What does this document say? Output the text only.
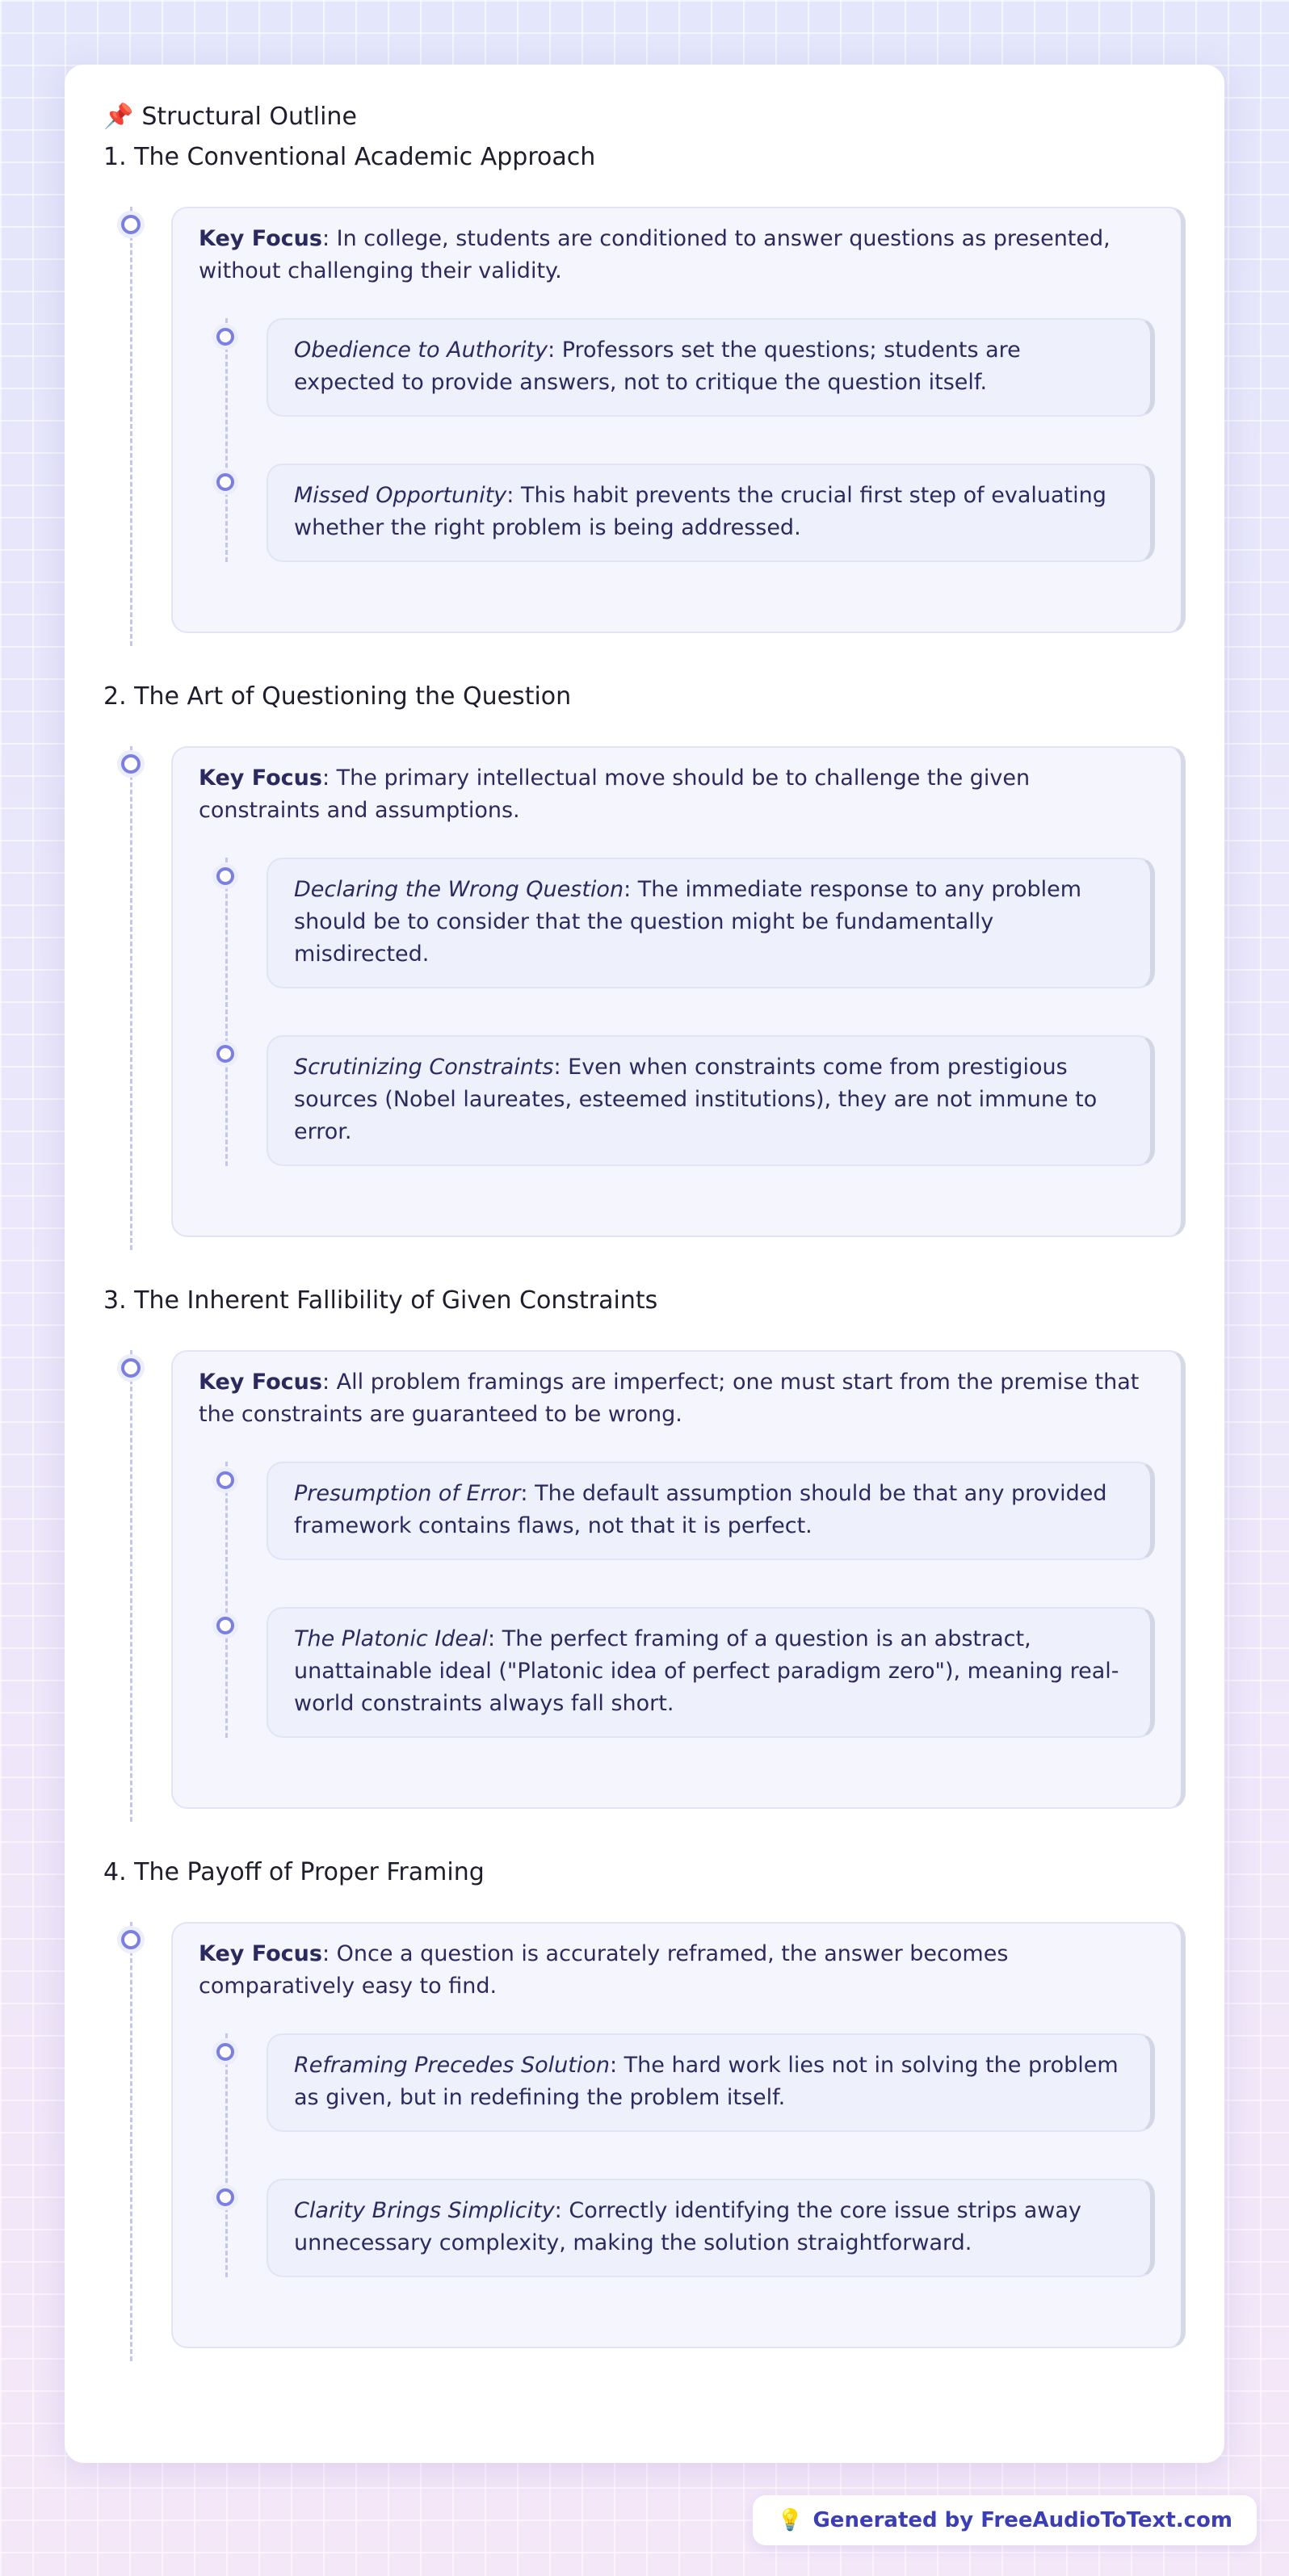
📌 Structural Outline
1. The Conventional Academic Approach
Key Focus: In college, students are conditioned to answer questions as presented, without challenging their validity.
Obedience to Authority: Professors set the questions; students are expected to provide answers, not to critique the question itself.
Missed Opportunity: This habit prevents the crucial first step of evaluating whether the right problem is being addressed.
2. The Art of Questioning the Question
Key Focus: The primary intellectual move should be to challenge the given constraints and assumptions.
Declaring the Wrong Question: The immediate response to any problem should be to consider that the question might be fundamentally misdirected.
Scrutinizing Constraints: Even when constraints come from prestigious sources (Nobel laureates, esteemed institutions), they are not immune to error.
3. The Inherent Fallibility of Given Constraints
Key Focus: All problem framings are imperfect; one must start from the premise that the constraints are guaranteed to be wrong.
Presumption of Error: The default assumption should be that any provided framework contains flaws, not that it is perfect.
The Platonic Ideal: The perfect framing of a question is an abstract, unattainable ideal ("Platonic idea of perfect paradigm zero"), meaning real-world constraints always fall short.
4. The Payoff of Proper Framing
Key Focus: Once a question is accurately reframed, the answer becomes comparatively easy to find.
Reframing Precedes Solution: The hard work lies not in solving the problem as given, but in redefining the problem itself.
Clarity Brings Simplicity: Correctly identifying the core issue strips away unnecessary complexity, making the solution straightforward.
💡 Generated by FreeAudioToText.com
